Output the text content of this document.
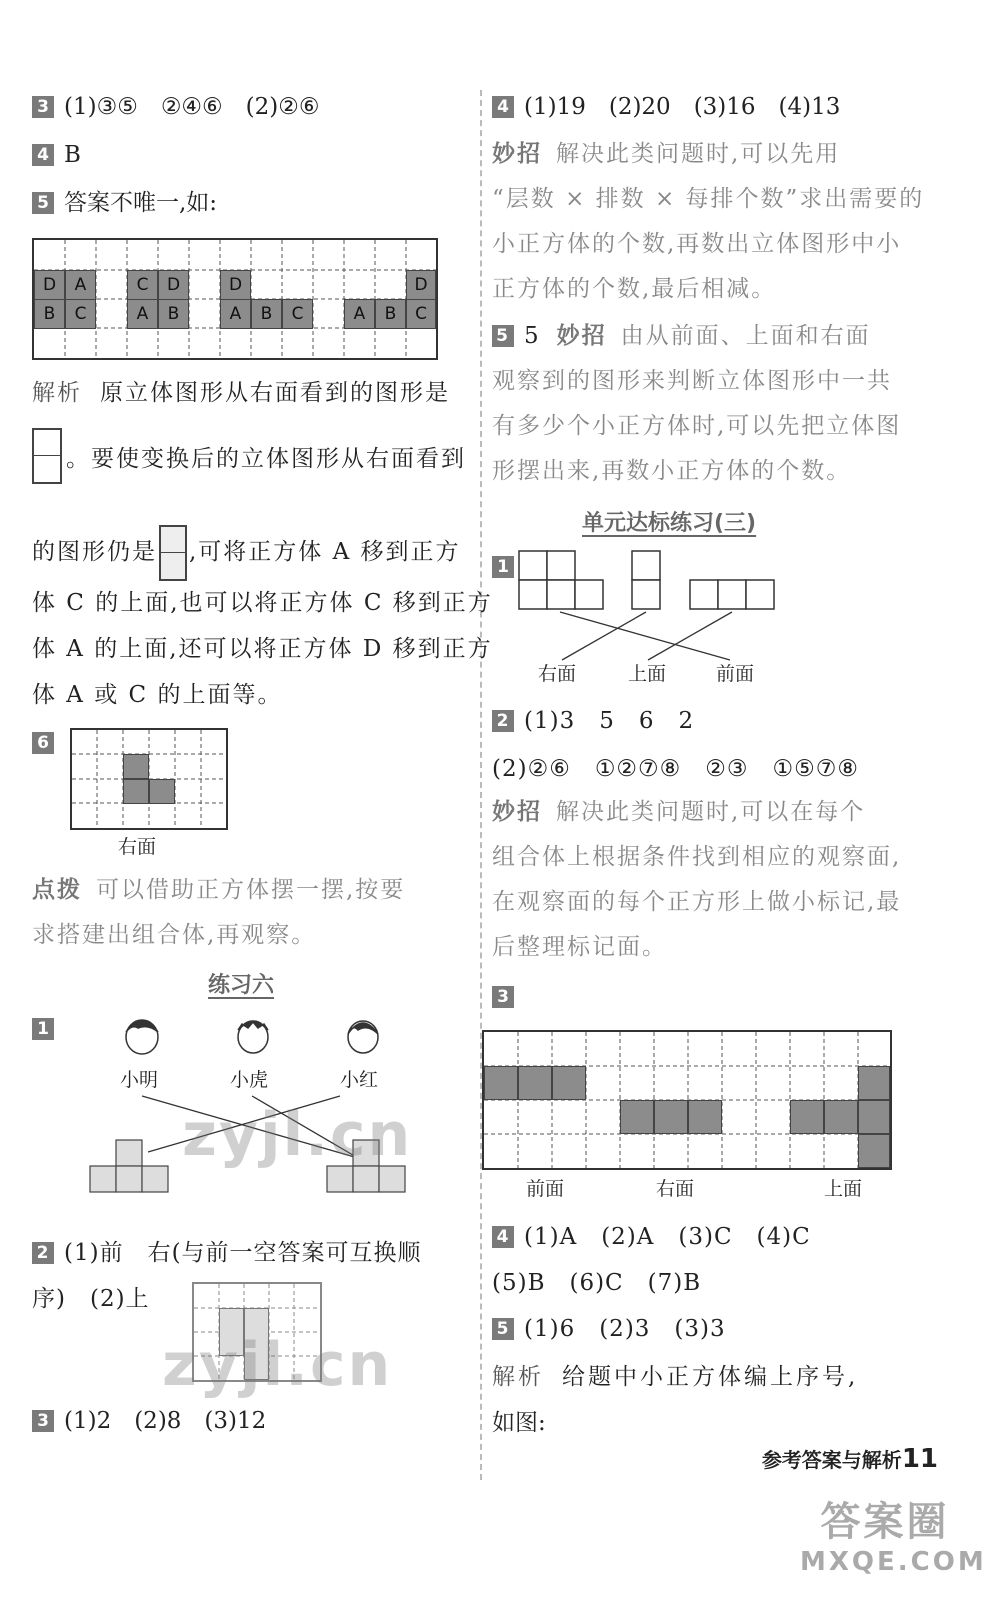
3 (1)③⑤　②④⑥　(2)②⑥
4 B
5 答案不唯一,如:
D	A	C	D	D	D
B	C	A	B	A	B	C	A	B	C
解析 原立体图形从右面看到的图形是
。要使变换后的立体图形从右面看到
的图形仍是 ,可将正方体 A 移到正方
体 C 的上面,也可以将正方体 C 移到正方
体 A 的上面,还可以将正方体 D 移到正方
体 A 或 C 的上面等。
6
右面
点拨 可以借助正方体摆一摆,按要
求搭建出组合体,再观察。
练习六
1
小明	小虎	小红
zyjl.cn
2 (1)前　右(与前一空答案可互换顺
序)　(2)上
zyjl.cn
3 (1)2　(2)8　(3)12
4 (1)19　(2)20　(3)16　(4)13
妙招 解决此类问题时,可以先用
“层数 × 排数 × 每排个数”求出需要的
小正方体的个数,再数出立体图形中小
正方体的个数,最后相减。
5 5 妙招 由从前面、上面和右面
观察到的图形来判断立体图形中一共
有多少个小正方体时,可以先把立体图
形摆出来,再数小正方体的个数。
单元达标练习(三)
1
右面	上面	前面
2 (1)3　5　6　2
(2)②⑥　①②⑦⑧　②③　①⑤⑦⑧
妙招 解决此类问题时,可以在每个
组合体上根据条件找到相应的观察面,
在观察面的每个正方形上做小标记,最
后整理标记面。
3
前面	右面	上面
4 (1)A　(2)A　(3)C　(4)C
(5)B　(6)C　(7)B
5 (1)6　(2)3　(3)3
解析 给题中小正方体编上序号,
如图:
参考答案与解析11
答案圈
MXQE.COM
